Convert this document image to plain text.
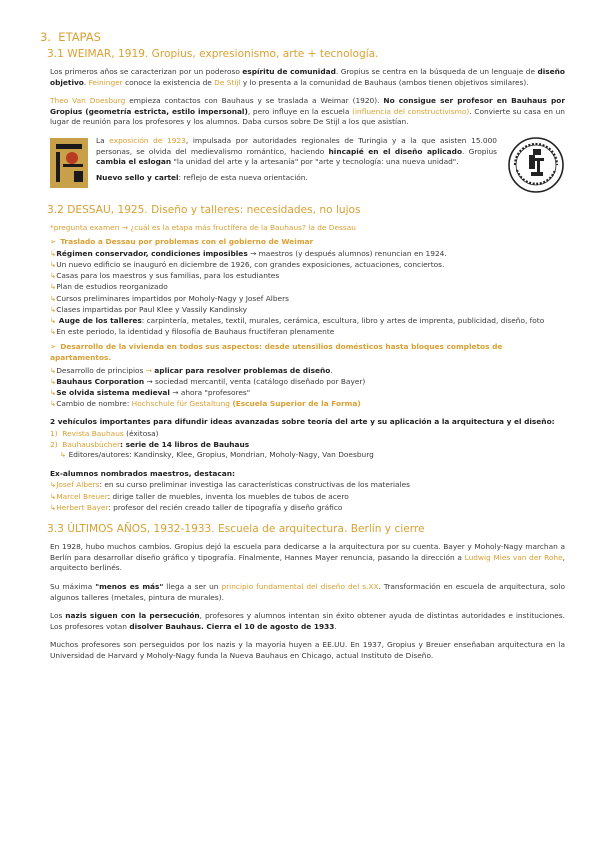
3. ETAPAS
3.1 WEIMAR, 1919. Gropius, expresionismo, arte + tecnología.
Los primeros años se caracterizan por un poderoso espíritu de comunidad. Gropius se centra en la búsqueda de un lenguaje de diseño objetivo. Feininger conoce la existencia de De Stijl y lo presenta a la comunidad de Bauhaus (ambos tienen objetivos similares).
Theo Van Doesburg empieza contactos con Bauhaus y se traslada a Weimar (1920). No consigue ser profesor en Bauhaus por Gropius (geometría estricta, estilo impersonal), pero influye en la escuela (influencia del constructivismo). Convierte su casa en un lugar de reunión para los profesores y los alumnos. Daba cursos sobre De Stijl a los que asistían.
La exposición de 1923, impulsada por autoridades regionales de Turingia y a la que asisten 15.000 personas, se olvida del medievalismo romántico, haciendo hincapié en el diseño aplicado. Gropius cambia el eslogan "la unidad del arte y la artesanía" por "arte y tecnología: una nueva unidad".
Nuevo sello y cartel: reflejo de esta nueva orientación.
3.2 DESSAU, 1925. Diseño y talleres: necesidades, no lujos
*pregunta examen → ¿cuál es la etapa más fructífera de la Bauhaus? la de Dessau
➢ Traslado a Dessau por problemas con el gobierno de Weimar
↳Régimen conservador, condiciones imposibles → maestros (y después alumnos) renuncian en 1924.
↳Un nuevo edificio se inauguró en diciembre de 1926, con grandes exposiciones, actuaciones, conciertos.
↳Casas para los maestros y sus familias, para los estudiantes
↳Plan de estudios reorganizado
↳Cursos preliminares impartidos por Moholy-Nagy y Josef Albers
↳Clases impartidas por Paul Klee y Vassily Kandinsky
↳ Auge de los talleres: carpintería, metales, textil, murales, cerámica, escultura, libro y artes de imprenta, publicidad, diseño, foto
↳En este periodo, la identidad y filosofía de Bauhaus fructiferan plenamente
➢ Desarrollo de la vivienda en todos sus aspectos: desde utensilios domésticos hasta bloques completos de apartamentos.
↳Desarrollo de principios → aplicar para resolver problemas de diseño.
↳Bauhaus Corporation → sociedad mercantil, venta (catálogo diseñado por Bayer)
↳Se olvida sistema medieval → ahora "profesores"
↳Cambio de nombre: Hochschule für Gestaltung (Escuela Superior de la Forma)
2 vehículos importantes para difundir ideas avanzadas sobre teoría del arte y su aplicación a la arquitectura y el diseño:
1) Revista Bauhaus (éxitosa)
2) Bauhausbücher: serie de 14 libros de Bauhaus
↳ Editores/autores: Kandinsky, Klee, Gropius, Mondrian, Moholy-Nagy, Van Doesburg
Ex-alumnos nombrados maestros, destacan:
↳Josef Albers: en su curso preliminar investiga las características constructivas de los materiales
↳Marcel Breuer: dirige taller de muebles, inventa los muebles de tubos de acero
↳Herbert Bayer: profesor del recién creado taller de tipografía y diseño gráfico
3.3 ÚLTIMOS AÑOS, 1932-1933. Escuela de arquitectura. Berlín y cierre
En 1928, hubo muchos cambios. Gropius dejó la escuela para dedicarse a la arquitectura por su cuenta. Bayer y Moholy-Nagy marchan a Berlín para desarrollar diseño gráfico y tipografía. Finalmente, Hannes Mayer renuncia, pasando la dirección a Ludwig Mies van der Rohe, arquitecto berlinés.
Su máxima "menos es más" llega a ser un principio fundamental del diseño del s.XX. Transformación en escuela de arquitectura, solo algunos talleres (metales, pintura de murales).
Los nazis siguen con la persecución, profesores y alumnos intentan sin éxito obtener ayuda de distintas autoridades e instituciones. Los profesores votan disolver Bauhaus. Cierra el 10 de agosto de 1933.
Muchos profesores son perseguidos por los nazis y la mayoría huyen a EE.UU. En 1937, Gropius y Breuer enseñaban arquitectura en la Universidad de Harvard y Moholy-Nagy funda la Nueva Bauhaus en Chicago, actual Instituto de Diseño.
